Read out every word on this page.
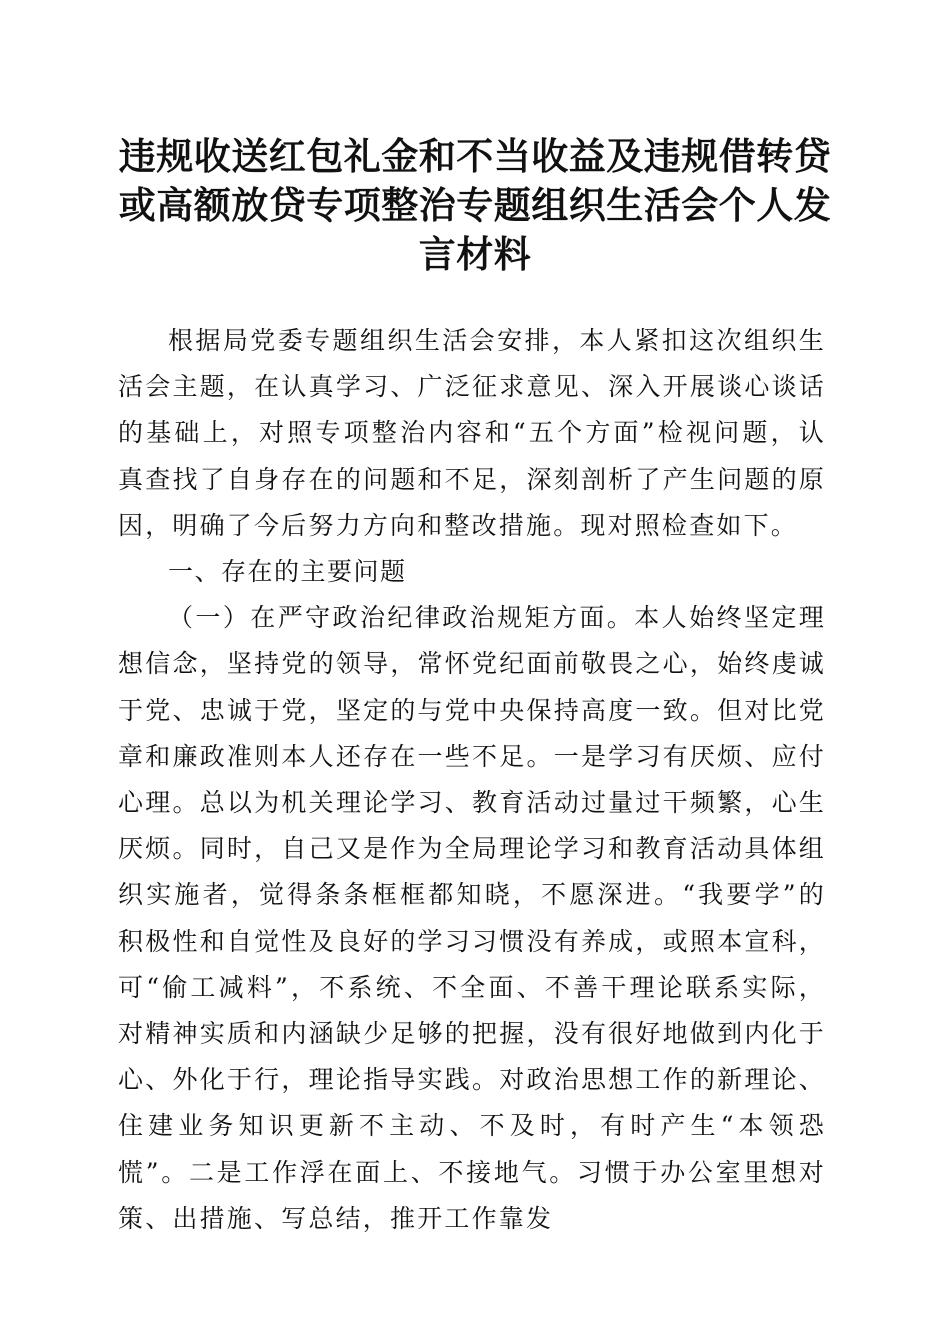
违规收送红包礼金和不当收益及违规借转贷或高额放贷专项整治专题组织生活会个人发言材料

根据局党委专题组织生活会安排，本人紧扣这次组织生活会主题，在认真学习、广泛征求意见、深入开展谈心谈话的基础上，对照专项整治内容和“五个方面”检视问题，认真查找了自身存在的问题和不足，深刻剖析了产生问题的原因，明确了今后努力方向和整改措施。现对照检查如下。

一、存在的主要问题

（一）在严守政治纪律政治规矩方面。本人始终坚定理想信念，坚持党的领导，常怀党纪面前敬畏之心，始终虔诚于党、忠诚于党，坚定的与党中央保持高度一致。但对比党章和廉政准则本人还存在一些不足。一是学习有厌烦、应付心理。总以为机关理论学习、教育活动过量过干频繁，心生厌烦。同时，自己又是作为全局理论学习和教育活动具体组织实施者，觉得条条框框都知晓，不愿深进。“我要学”的积极性和自觉性及良好的学习习惯没有养成，或照本宣科，可“偷工减料”，不系统、不全面、不善干理论联系实际，对精神实质和内涵缺少足够的把握，没有很好地做到内化于心、外化于行，理论指导实践。对政治思想工作的新理论、住建业务知识更新不主动、不及时，有时产生“本领恐慌”。二是工作浮在面上、不接地气。习惯于办公室里想对策、出措施、写总结，推开工作靠发
